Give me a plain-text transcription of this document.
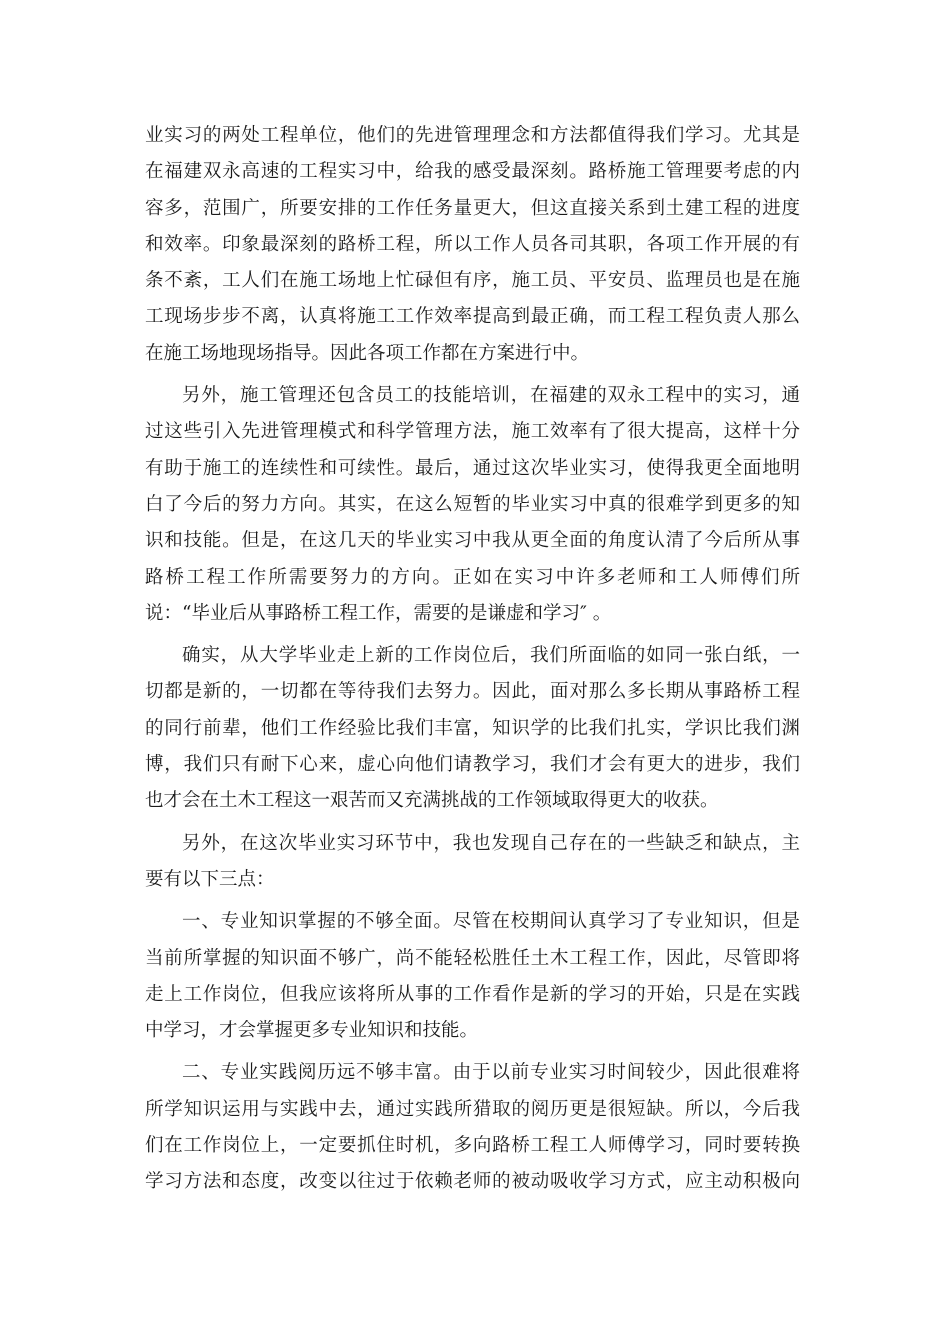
业实习的两处工程单位，他们的先进管理理念和方法都值得我们学习。尤其是
在福建双永高速的工程实习中，给我的感受最深刻。路桥施工管理要考虑的内
容多，范围广，所要安排的工作任务量更大，但这直接关系到土建工程的进度
和效率。印象最深刻的路桥工程，所以工作人员各司其职，各项工作开展的有
条不紊，工人们在施工场地上忙碌但有序，施工员、平安员、监理员也是在施
工现场步步不离，认真将施工工作效率提高到最正确，而工程工程负责人那么
在施工场地现场指导。因此各项工作都在方案进行中。
另外，施工管理还包含员工的技能培训，在福建的双永工程中的实习，通
过这些引入先进管理模式和科学管理方法，施工效率有了很大提高，这样十分
有助于施工的连续性和可续性。最后，通过这次毕业实习，使得我更全面地明
白了今后的努力方向。其实，在这么短暂的毕业实习中真的很难学到更多的知
识和技能。但是，在这几天的毕业实习中我从更全面的角度认清了今后所从事
路桥工程工作所需要努力的方向。正如在实习中许多老师和工人师傅们所
说：“毕业后从事路桥工程工作，需要的是谦虚和学习″ 。
确实，从大学毕业走上新的工作岗位后，我们所面临的如同一张白纸，一
切都是新的，一切都在等待我们去努力。因此，面对那么多长期从事路桥工程
的同行前辈，他们工作经验比我们丰富，知识学的比我们扎实，学识比我们渊
博，我们只有耐下心来，虚心向他们请教学习，我们才会有更大的进步，我们
也才会在土木工程这一艰苦而又充满挑战的工作领域取得更大的收获。
另外，在这次毕业实习环节中，我也发现自己存在的一些缺乏和缺点，主
要有以下三点：
一、专业知识掌握的不够全面。尽管在校期间认真学习了专业知识，但是
当前所掌握的知识面不够广，尚不能轻松胜任土木工程工作，因此，尽管即将
走上工作岗位，但我应该将所从事的工作看作是新的学习的开始，只是在实践
中学习，才会掌握更多专业知识和技能。
二、专业实践阅历远不够丰富。由于以前专业实习时间较少，因此很难将
所学知识运用与实践中去，通过实践所猎取的阅历更是很短缺。所以，今后我
们在工作岗位上，一定要抓住时机，多向路桥工程工人师傅学习，同时要转换
学习方法和态度，改变以往过于依赖老师的被动吸收学习方式，应主动积极向
